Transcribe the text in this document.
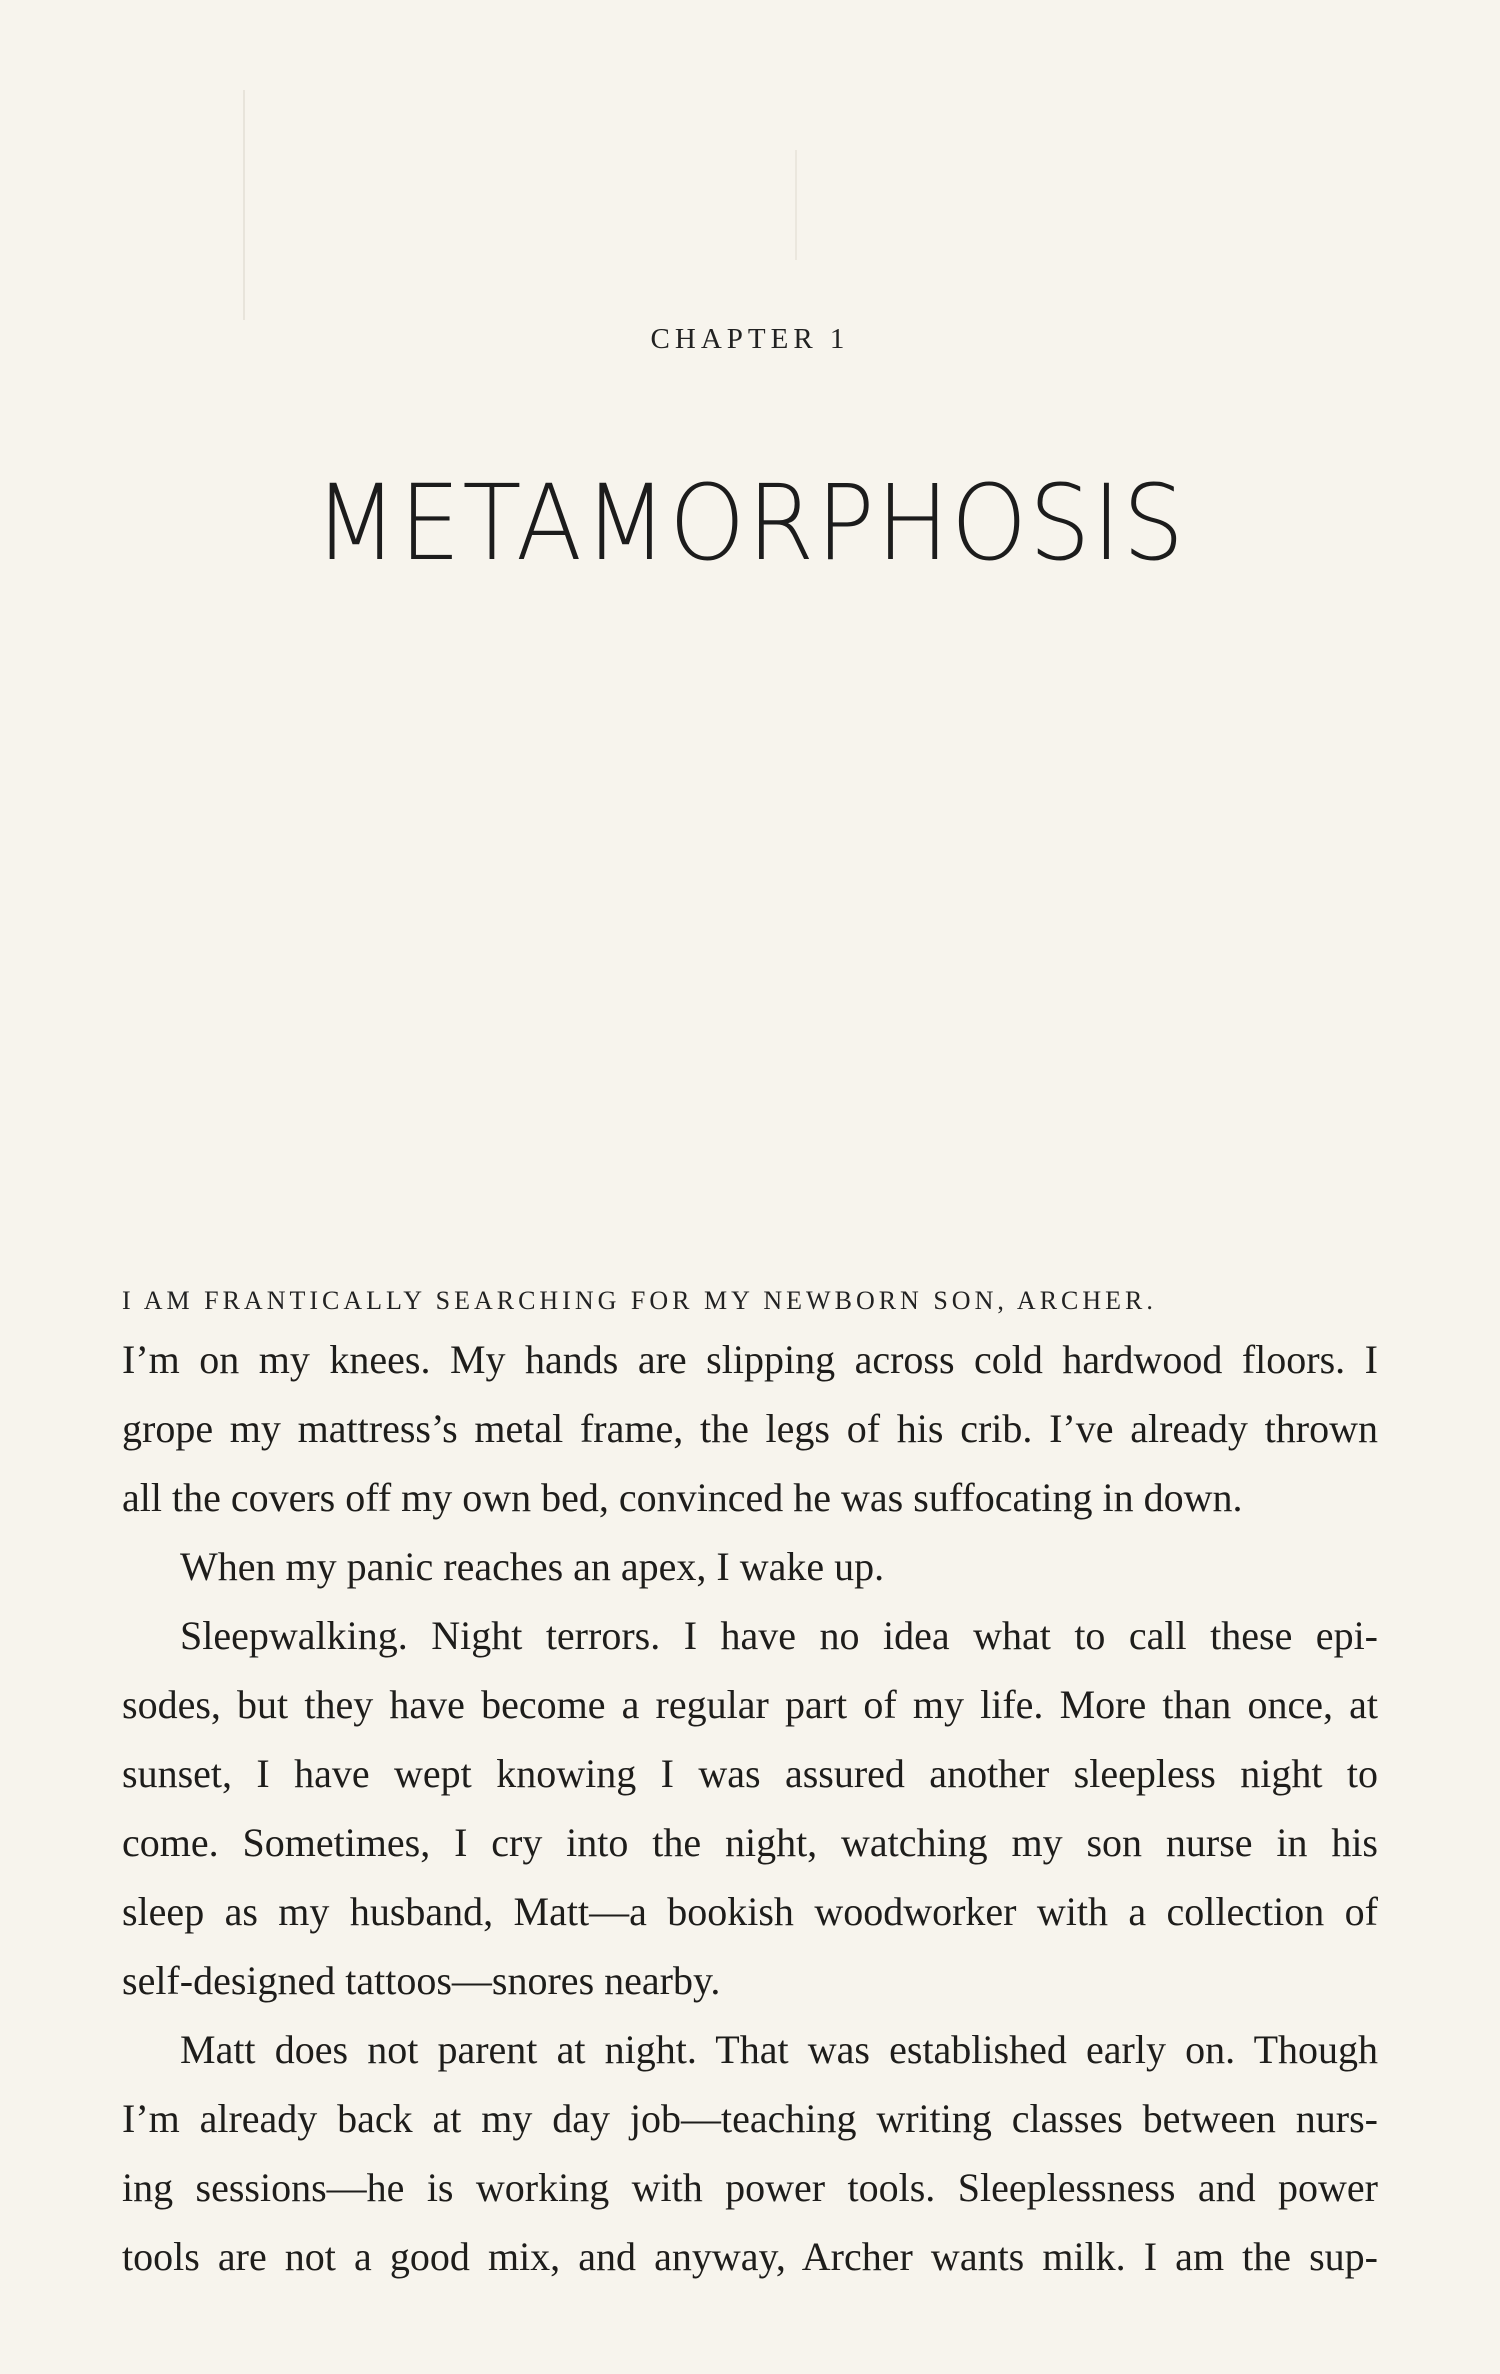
CHAPTER 1
METAMORPHOSIS
I AM FRANTICALLY SEARCHING FOR MY NEWBORN SON, ARCHER.
I’m on my knees. My hands are slipping across cold hardwood floors. I
grope my mattress’s metal frame, the legs of his crib. I’ve already thrown
all the covers off my own bed, convinced he was suffocating in down.
When my panic reaches an apex, I wake up.
Sleepwalking. Night terrors. I have no idea what to call these epi-
sodes, but they have become a regular part of my life. More than once, at
sunset, I have wept knowing I was assured another sleepless night to
come. Sometimes, I cry into the night, watching my son nurse in his
sleep as my husband, Matt—a bookish woodworker with a collection of
self-designed tattoos—snores nearby.
Matt does not parent at night. That was established early on. Though
I’m already back at my day job—teaching writing classes between nurs-
ing sessions—he is working with power tools. Sleeplessness and power
tools are not a good mix, and anyway, Archer wants milk. I am the sup-
